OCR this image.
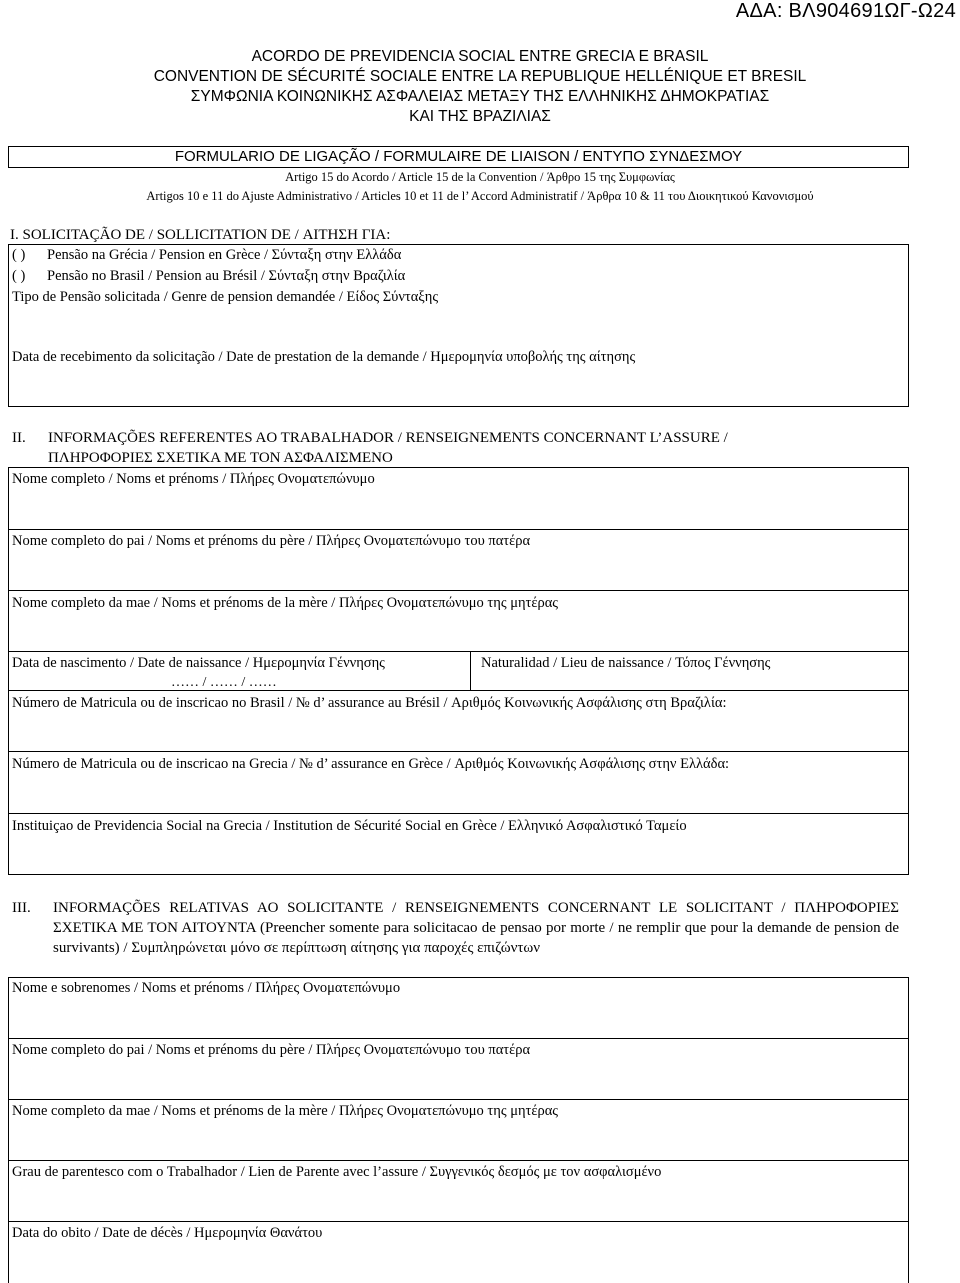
ΑΔΑ: ΒΛ904691ΩΓ-Ω24
ACORDO DE PREVIDENCIA SOCIAL ENTRE GRECIA E BRASIL
CONVENTION DE SÉCURITÉ SOCIALE ENTRE LA REPUBLIQUE HELLÉNIQUE ET BRESIL
ΣΥΜΦΩΝΙΑ ΚΟΙΝΩΝΙΚΗΣ ΑΣΦΑΛΕΙΑΣ ΜΕΤΑΞΥ ΤΗΣ ΕΛΛΗΝΙΚΗΣ ΔΗΜΟΚΡΑΤΙΑΣ
ΚΑΙ ΤΗΣ ΒΡΑΖΙΛΙΑΣ
FORMULARIO DE LIGAÇÃO / FORMULAIRE DE LIAISON / ΕΝΤΥΠΟ ΣΥΝΔΕΣΜΟΥ
Artigo 15 do Acordo / Article 15 de la Convention / Άρθρο 15 της Συμφωνίας
Artigos 10 e 11 do Ajuste Administrativo / Articles 10 et 11 de l’ Accord Administratif / Άρθρα 10 & 11 του Διοικητικού Κανονισμού
I. SOLICITAÇÃO DE / SOLLICITATION DE / ΑΙΤΗΣΗ ΓΙΑ:
( ) Pensão na Grécia / Pension en Grèce / Σύνταξη στην Ελλάδα
( ) Pensão no Brasil / Pension au Brésil / Σύνταξη στην Βραζιλία
Tipo de Pensão solicitada / Genre de pension demandée / Είδος Σύνταξης
Data de recebimento da solicitação / Date de prestation de la demande / Ημερομηνία υποβολής της αίτησης
II. INFORMAÇÕES REFERENTES AO TRABALHADOR / RENSEIGNEMENTS CONCERNANT L’ASSURE /
ΠΛΗΡΟΦΟΡΙΕΣ ΣΧΕΤΙΚΑ ΜΕ ΤΟΝ ΑΣΦΑΛΙΣΜΕΝΟ
Nome completo / Noms et prénoms / Πλήρες Ονοματεπώνυμο
Nome completo do pai / Noms et prénoms du père / Πλήρες Ονοματεπώνυμο του πατέρα
Nome completo da mae / Noms et prénoms de la mère / Πλήρες Ονοματεπώνυμο της μητέρας
Data de nascimento / Date de naissance / Ημερομηνία Γέννησης	Naturalidad / Lieu de naissance / Τόπος Γέννησης
…… / …… / ……
Número de Matricula ou de inscricao no Brasil / № d’ assurance au Brésil / Αριθμός Κοινωνικής Ασφάλισης στη Βραζιλία:
Número de Matricula ou de inscricao na Grecia / № d’ assurance en Grèce / Αριθμός Κοινωνικής Ασφάλισης στην Ελλάδα:
Instituiçao de Previdencia Social na Grecia / Institution de Sécurité Social en Grèce / Ελληνικό Ασφαλιστικό Ταμείο
III. INFORMAÇÕES RELATIVAS AO SOLICITANTE / RENSEIGNEMENTS CONCERNANT LE SOLICITANT / ΠΛΗΡΟΦΟΡΙΕΣ ΣΧΕΤΙΚΑ ΜΕ ΤΟΝ ΑΙΤΟΥΝΤΑ (Preencher somente para solicitacao de pensao por morte / ne remplir que pour la demande de pension de survivants) / Συμπληρώνεται μόνο σε περίπτωση αίτησης για παροχές επιζώντων
Nome e sobrenomes / Noms et prénoms / Πλήρες Ονοματεπώνυμο
Nome completo do pai / Noms et prénoms du père / Πλήρες Ονοματεπώνυμο του πατέρα
Nome completo da mae / Noms et prénoms de la mère / Πλήρες Ονοματεπώνυμο της μητέρας
Grau de parentesco com o Trabalhador / Lien de Parente avec l’assure / Συγγενικός δεσμός με τον ασφαλισμένο
Data do obito / Date de décès / Ημερομηνία Θανάτου
